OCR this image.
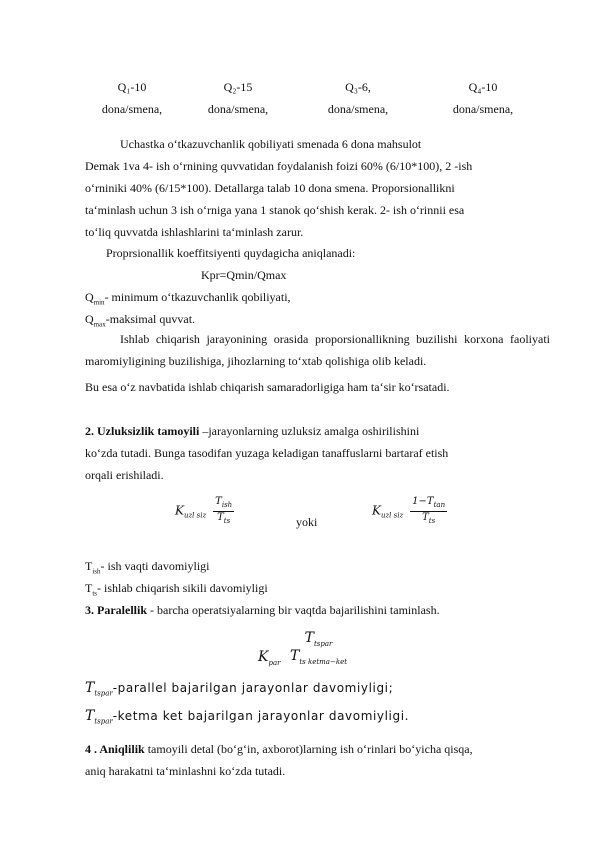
Q₁-10	Q₂-15	Q₃-6,	Q₄-10
dona/smena,	dona/smena,	dona/smena,	dona/smena,
Uchastka o‘tkazuvchanlik qobiliyati smenada 6 dona mahsulot
Demak 1va 4- ish o‘rnining quvvatidan foydalanish foizi 60% (6/10*100), 2 -ish
o‘rniniki 40% (6/15*100). Detallarga talab 10 dona smena. Proporsionallikni
ta‘minlash uchun 3 ish o‘rniga yana 1 stanok qo‘shish kerak. 2- ish o‘rinnii esa
to‘liq quvvatda ishlashlarini ta‘minlash zarur.
Proprsionallik koeffitsiyenti quydagicha aniqlanadi:
Kpr=Qmin/Qmax
$Q_{min}-$ minimum o‘tkazuvchanlik qobiliyati,
$Q_{max}$-maksimal quvvat.
Ishlab chiqarish jarayonining orasida proporsionallikning buzilishi korxona faoliyati maromiyligining buzilishiga, jihozlarning to‘xtab qolishiga olib keladi.
Bu esa o‘z navbatida ishlab chiqarish samaradorligiga ham ta‘sir ko‘rsatadi.
2. Uzluksizlik tamoyili –jarayonlarning uzluksiz amalga oshirilishini
ko‘zda tutadi. Bunga tasodifan yuzaga keladigan tanaffuslarni bartaraf etish
orqali erishiladi.
$K_{uzl siz} \frac{T_{ish}}{T_{ts}}$	yoki
$K_{uzl siz} \frac{1-T_{tan}}{T_{ts}}$
$T_{ish}-$ ish vaqti davomiyligi
$T_{ts}-$ ishlab chiqarish sikili davomiyligi
3. Paralellik - barcha operatsiyalarning bir vaqtda bajarilishini taminlash.
$K_{par}$
$T_{tspar}$
$T_{ts ketma-ket}$
$T_{tspar}$-parallel bajarilgan jarayonlar davomiyligi;
$T_{tspar}$-ketma ket bajarilgan jarayonlar davomiyligi.
4 . Aniqlilik tamoyili detal (bo‘g‘in, axborot)larning ish o‘rinlari bo‘yicha qisqa,
aniq harakatni ta‘minlashni ko‘zda tutadi.
